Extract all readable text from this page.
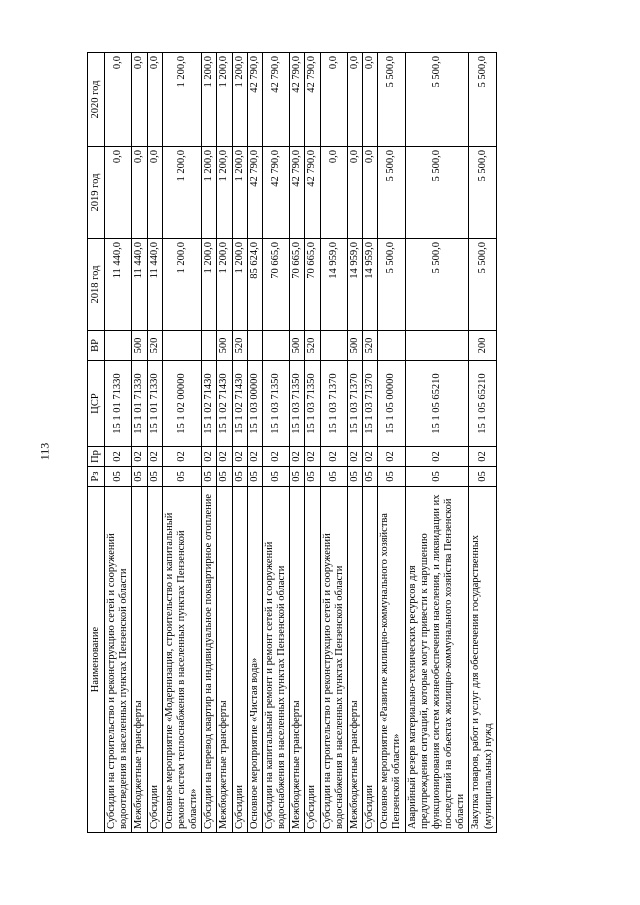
113
Наименование	Рз	Пр	ЦСР	ВР	2018 год	2019 год	2020 год
Субсидии на строительство и реконструкцию сетей и сооружений водоотведения в населенных пунктах Пензенской области	05	02	15 1 01 71330		11 440,0	0,0	0,0
Межбюджетные трансферты	05	02	15 1 01 71330	500	11 440,0	0,0	0,0
Субсидии	05	02	15 1 01 71330	520	11 440,0	0,0	0,0
Основное мероприятие «Модернизация, строительство и капитальный ремонт систем теплоснабжения в населенных пунктах Пензенской области»	05	02	15 1 02 00000		1 200,0	1 200,0	1 200,0
Субсидии на перевод квартир на индивидуальное поквартирное отопление	05	02	15 1 02 71430		1 200,0	1 200,0	1 200,0
Межбюджетные трансферты	05	02	15 1 02 71430	500	1 200,0	1 200,0	1 200,0
Субсидии	05	02	15 1 02 71430	520	1 200,0	1 200,0	1 200,0
Основное мероприятие «Чистая вода»	05	02	15 1 03 00000		85 624,0	42 790,0	42 790,0
Субсидии на капитальный ремонт и ремонт сетей и сооружений водоснабжения в населенных пунктах Пензенской области	05	02	15 1 03 71350		70 665,0	42 790,0	42 790,0
Межбюджетные трансферты	05	02	15 1 03 71350	500	70 665,0	42 790,0	42 790,0
Субсидии	05	02	15 1 03 71350	520	70 665,0	42 790,0	42 790,0
Субсидии на строительство и реконструкцию сетей и сооружений водоснабжения в населенных пунктах Пензенской области	05	02	15 1 03 71370		14 959,0	0,0	0,0
Межбюджетные трансферты	05	02	15 1 03 71370	500	14 959,0	0,0	0,0
Субсидии	05	02	15 1 03 71370	520	14 959,0	0,0	0,0
Основное мероприятие «Развитие жилищно-коммунального хозяйства Пензенской области»	05	02	15 1 05 00000		5 500,0	5 500,0	5 500,0
Аварийный резерв материально-технических ресурсов для предупреждения ситуаций, которые могут привести к нарушению функционирования систем жизнеобеспечения населения, и ликвидации их последствий на объектах жилищно-коммунального хозяйства Пензенской области	05	02	15 1 05 65210		5 500,0	5 500,0	5 500,0
Закупка товаров, работ и услуг для обеспечения государственных (муниципальных) нужд	05	02	15 1 05 65210	200	5 500,0	5 500,0	5 500,0
